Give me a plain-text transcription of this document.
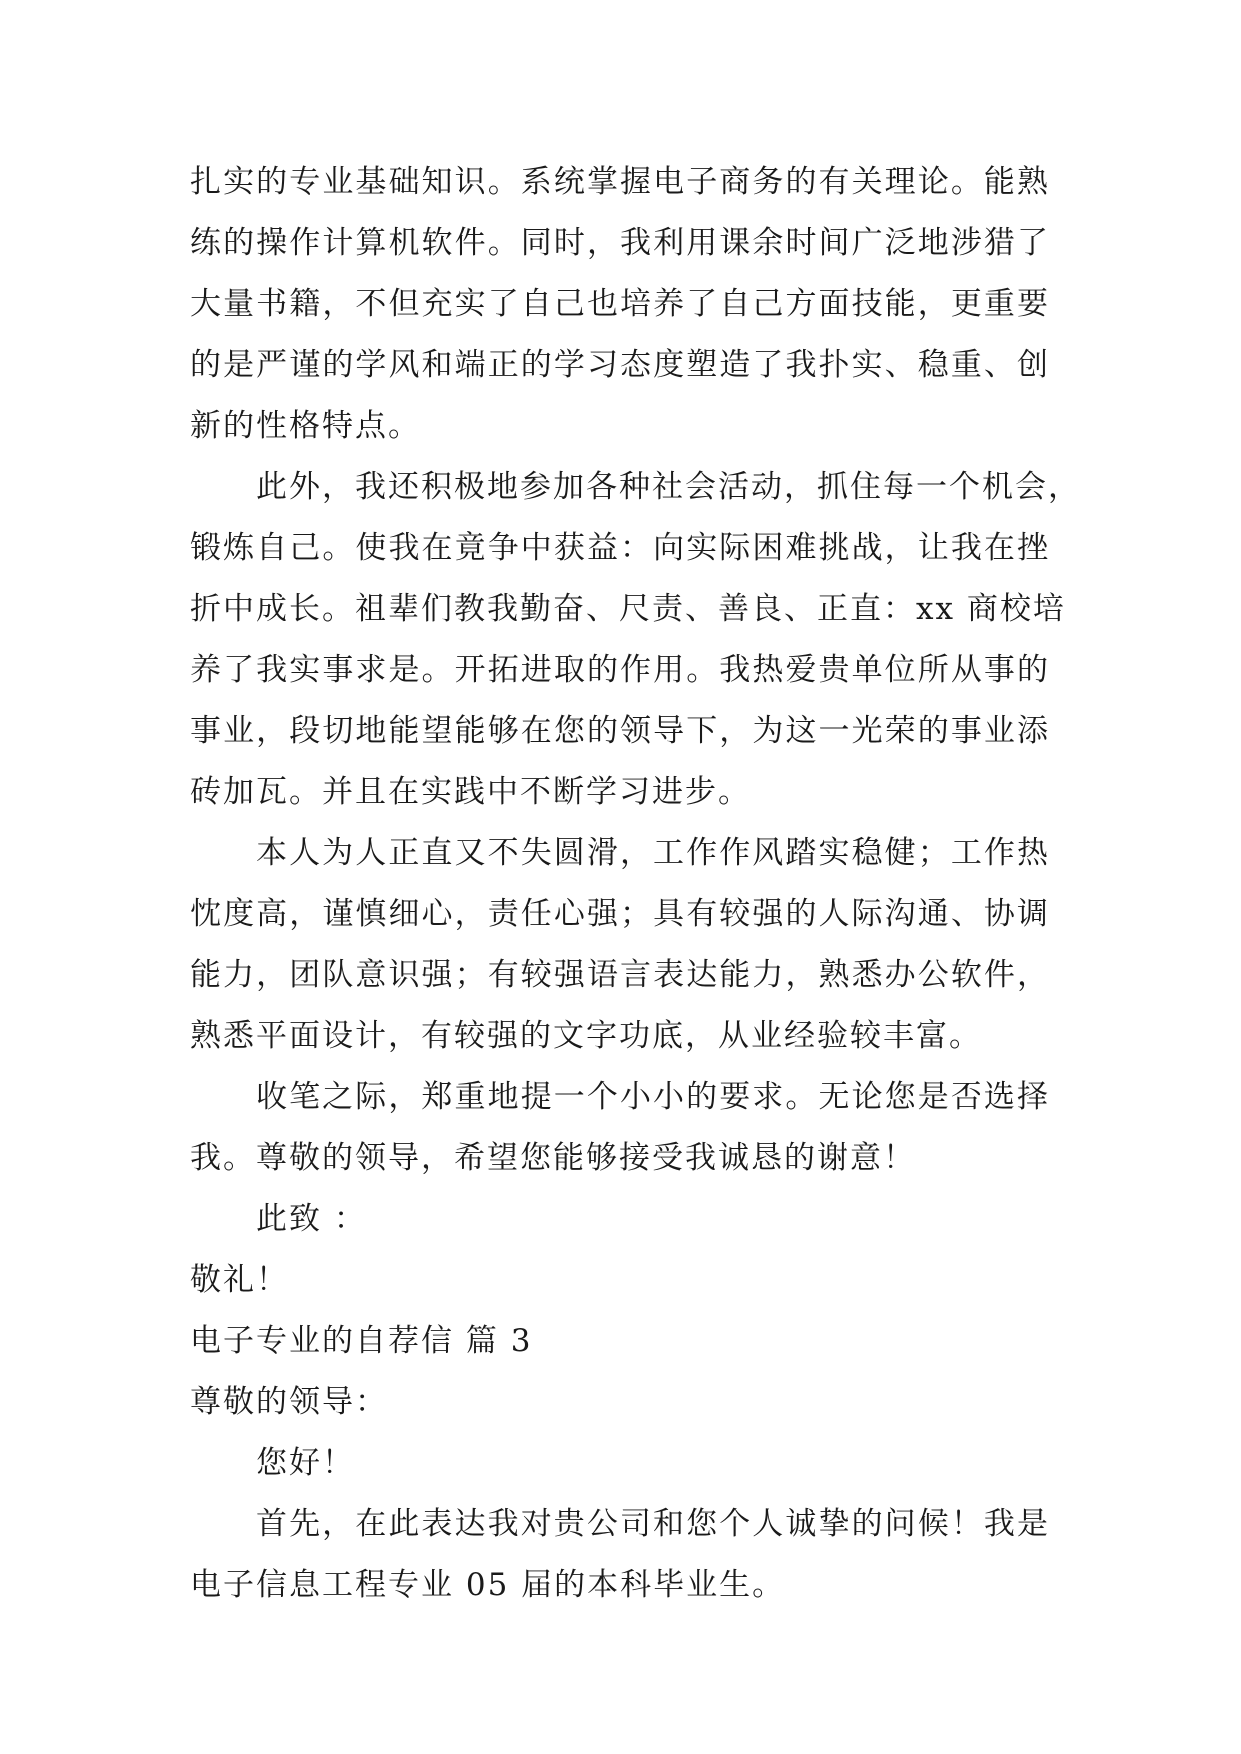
扎实的专业基础知识。系统掌握电子商务的有关理论。能熟
练的操作计算机软件。同时，我利用课余时间广泛地涉猎了
大量书籍，不但充实了自己也培养了自己方面技能，更重要
的是严谨的学风和端正的学习态度塑造了我扑实、稳重、创
新的性格特点。
此外，我还积极地参加各种社会活动，抓住每一个机会，
锻炼自己。使我在竟争中获益：向实际困难挑战，让我在挫
折中成长。祖辈们教我勤奋、尺责、善良、正直：xx 商校培
养了我实事求是。开拓进取的作用。我热爱贵单位所从事的
事业，段切地能望能够在您的领导下，为这一光荣的事业添
砖加瓦。并且在实践中不断学习进步。
本人为人正直又不失圆滑，工作作风踏实稳健；工作热
忱度高，谨慎细心，责任心强；具有较强的人际沟通、协调
能力，团队意识强；有较强语言表达能力，熟悉办公软件，
熟悉平面设计，有较强的文字功底，从业经验较丰富。
收笔之际，郑重地提一个小小的要求。无论您是否选择
我。尊敬的领导，希望您能够接受我诚恳的谢意！
此致 ：
敬礼！
电子专业的自荐信 篇 3
尊敬的领导：
您好！
首先，在此表达我对贵公司和您个人诚挚的问候！我是
电子信息工程专业 05 届的本科毕业生。
